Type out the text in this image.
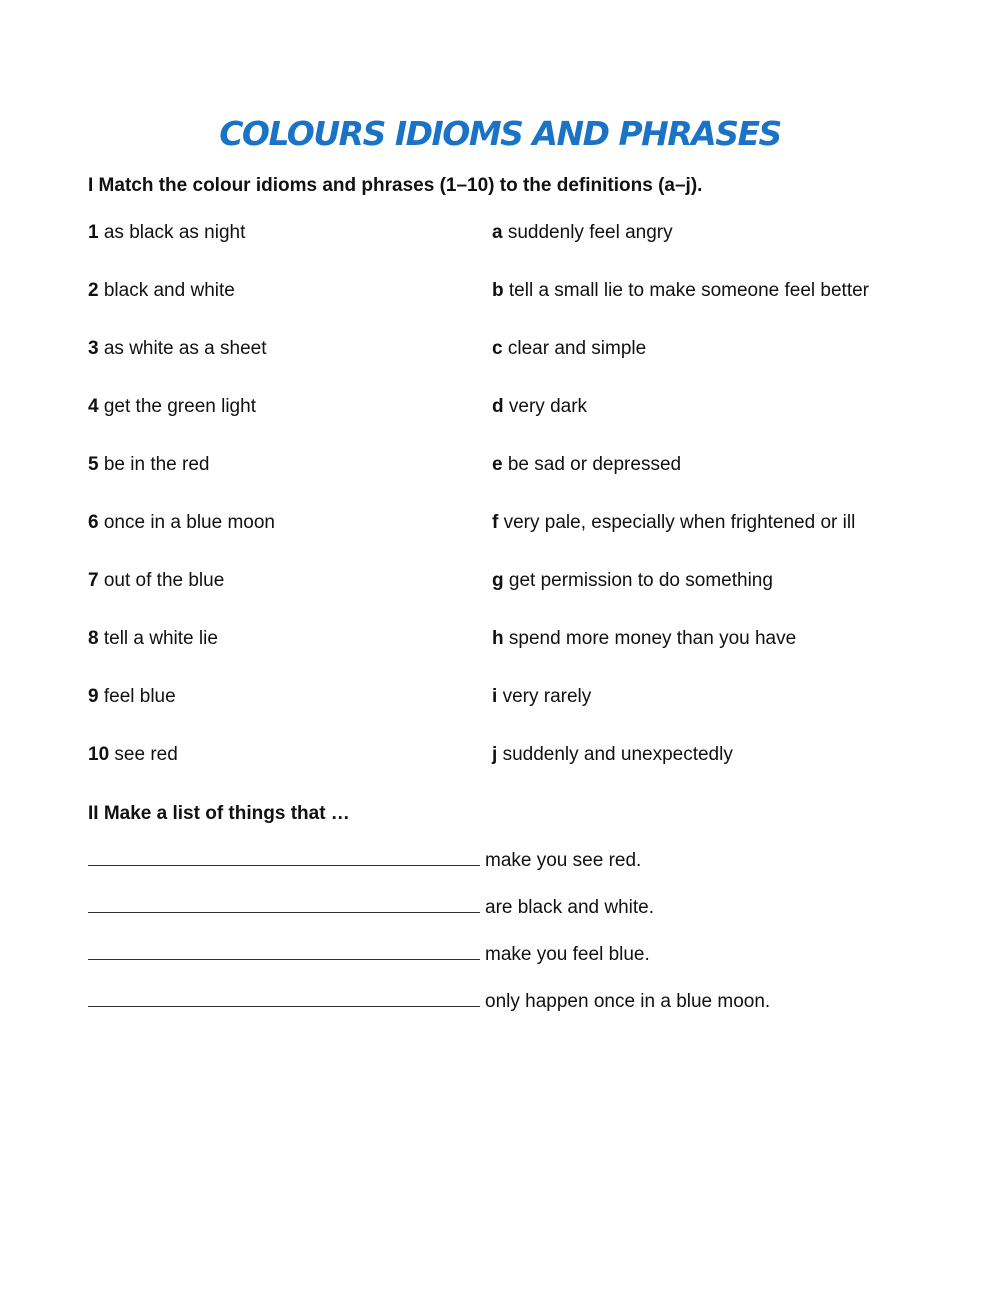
COLOURS IDIOMS AND PHRASES
I Match the colour idioms and phrases (1–10) to the definitions (a–j).
1 as black as night	a suddenly feel angry
2 black and white	b tell a small lie to make someone feel better
3 as white as a sheet	c clear and simple
4 get the green light	d very dark
5 be in the red	e be sad or depressed
6 once in a blue moon	f very pale, especially when frightened or ill
7 out of the blue	g get permission to do something
8 tell a white lie	h spend more money than you have
9 feel blue	i very rarely
10 see red	j suddenly and unexpectedly
II Make a list of things that …
make you see red.
are black and white.
make you feel blue.
only happen once in a blue moon.
